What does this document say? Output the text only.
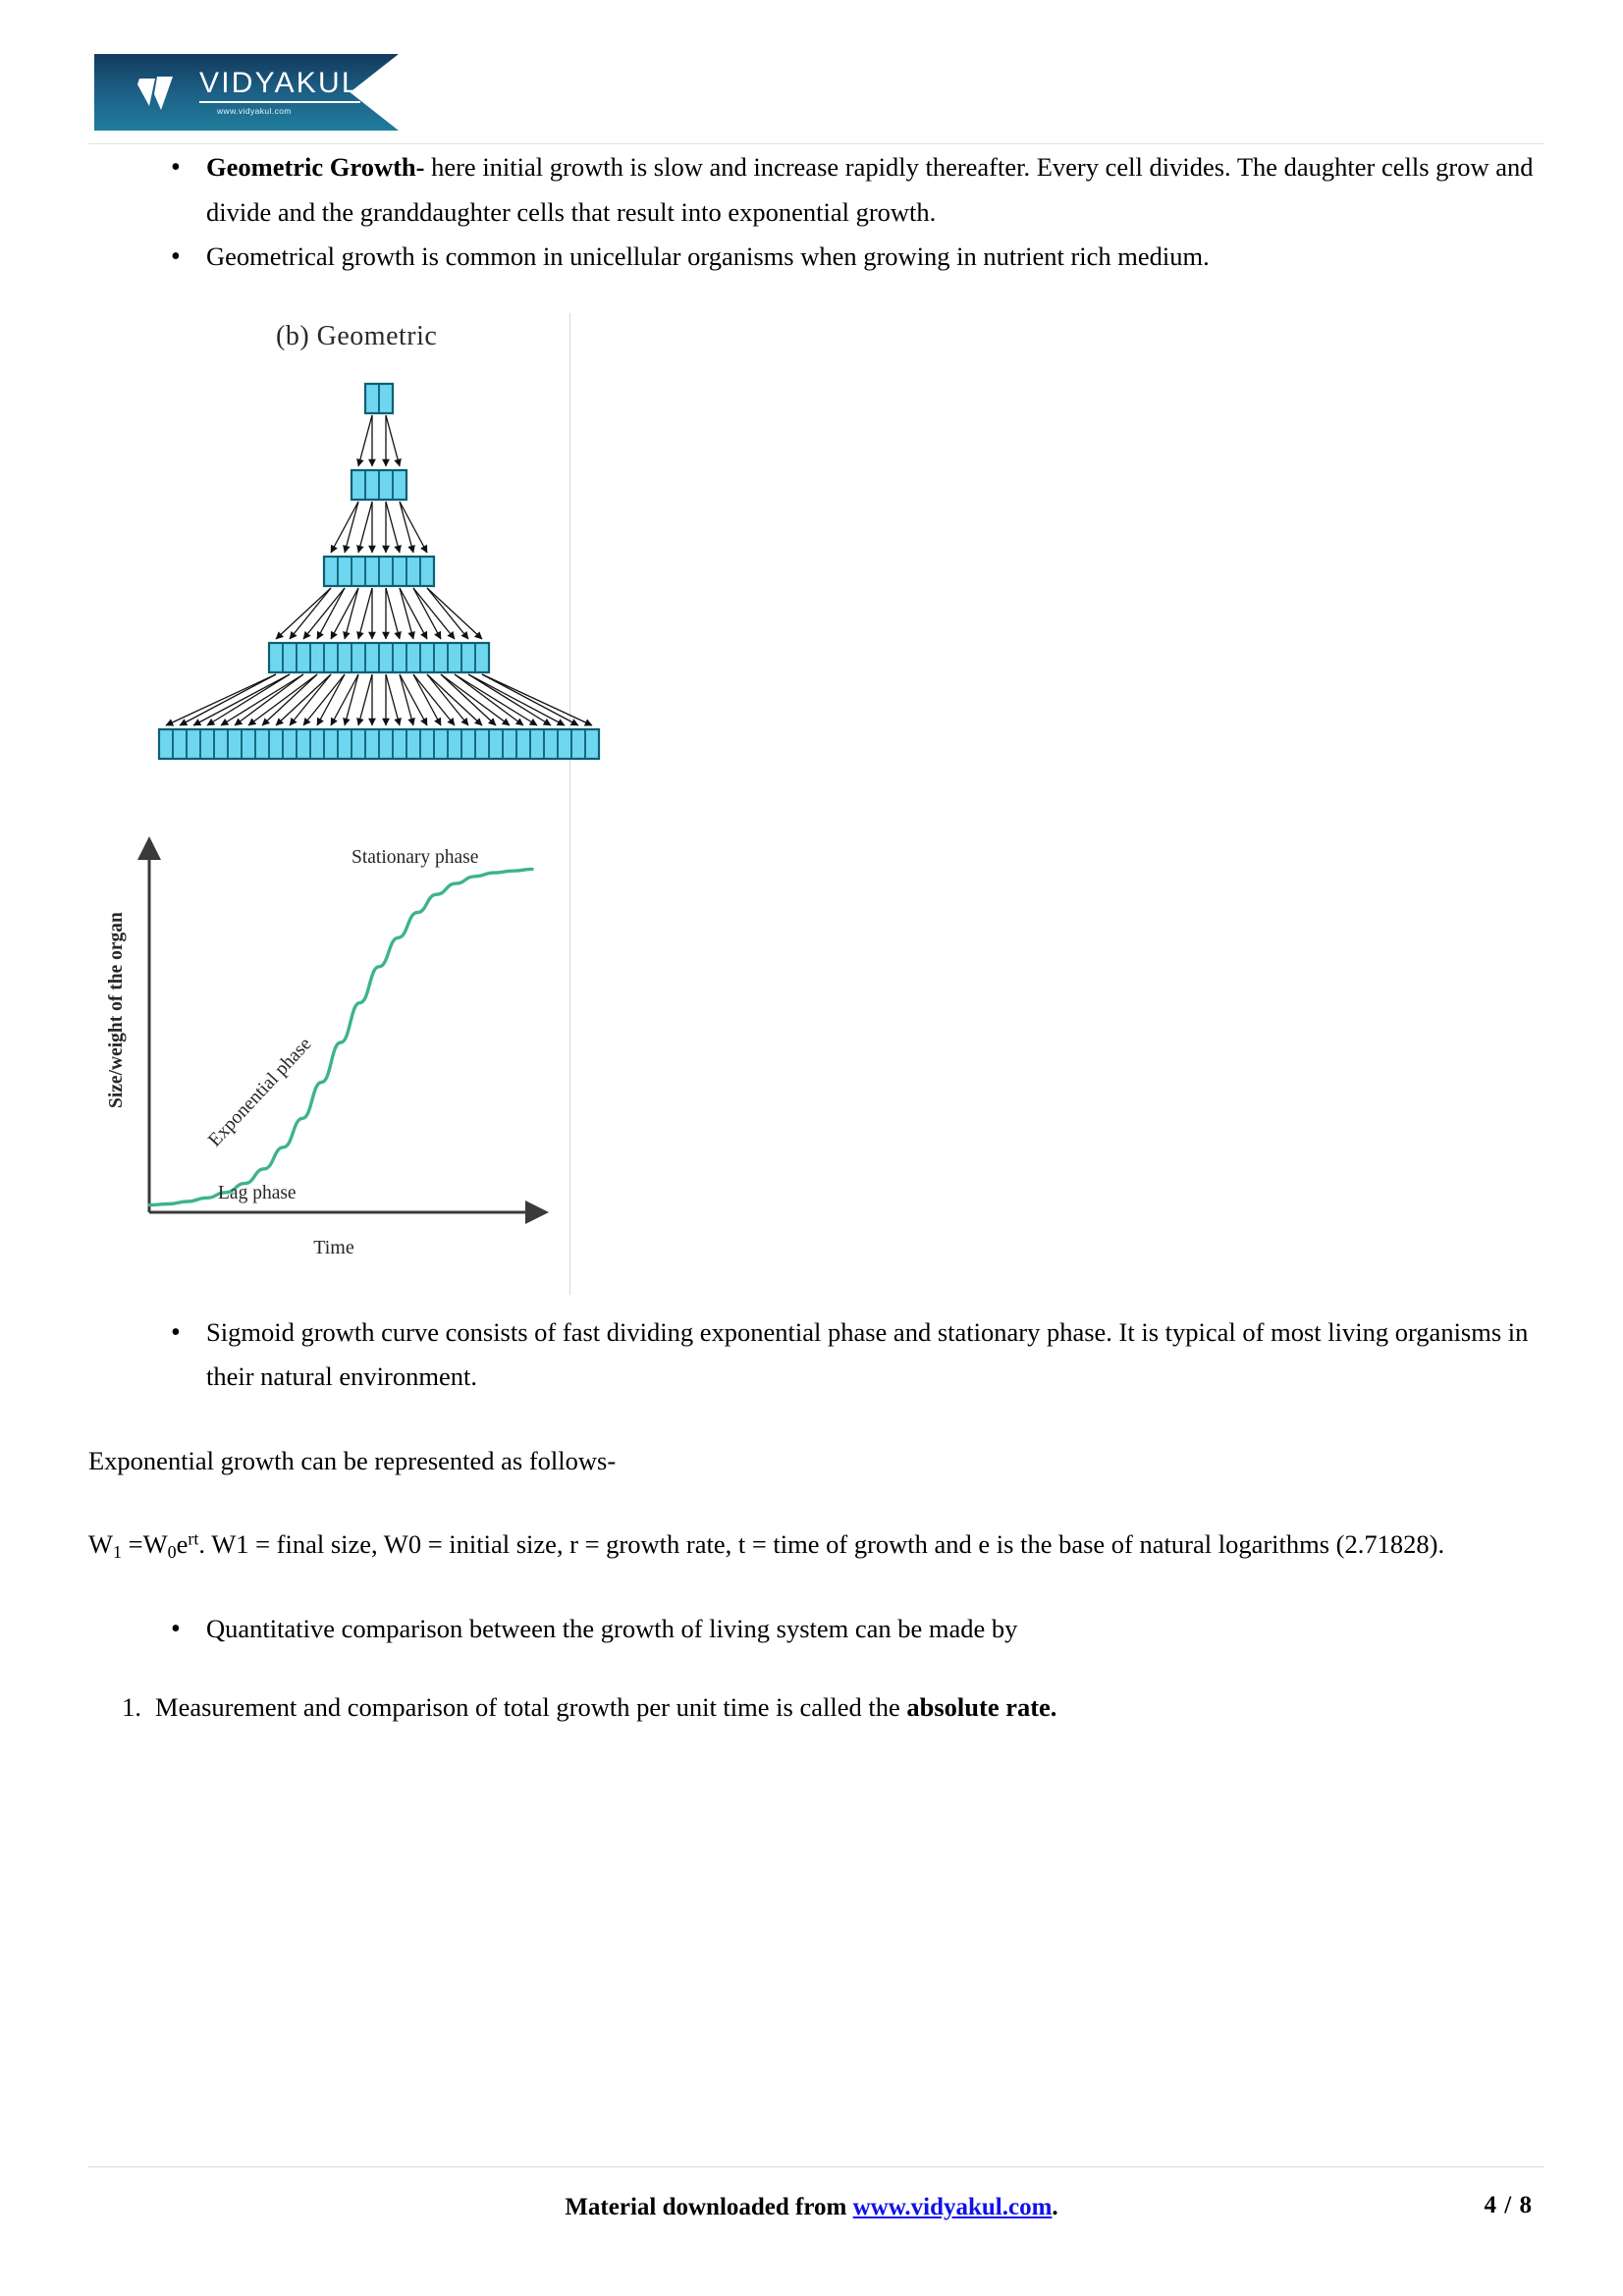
VIDYAKUL
www.vidyakul.com
• Geometric Growth- here initial growth is slow and increase rapidly thereafter. Every cell divides. The daughter cells grow and divide and the granddaughter cells that result into exponential growth.
• Geometrical growth is common in unicellular organisms when growing in nutrient rich medium.
(b) Geometric
Size/weight of the organ
Time
Stationary phase
Exponential phase
Lag phase
• Sigmoid growth curve consists of fast dividing exponential phase and stationary phase. It is typical of most living organisms in their natural environment.

Exponential growth can be represented as follows-

$W_1 =W_0e^{rt}$. W1 = final size, W0 = initial size, r = growth rate, t = time of growth and e is the base of natural logarithms (2.71828).

• Quantitative comparison between the growth of living system can be made by
1. Measurement and comparison of total growth per unit time is called the absolute rate.
Material downloaded from www.vidyakul.com.	4 / 8
